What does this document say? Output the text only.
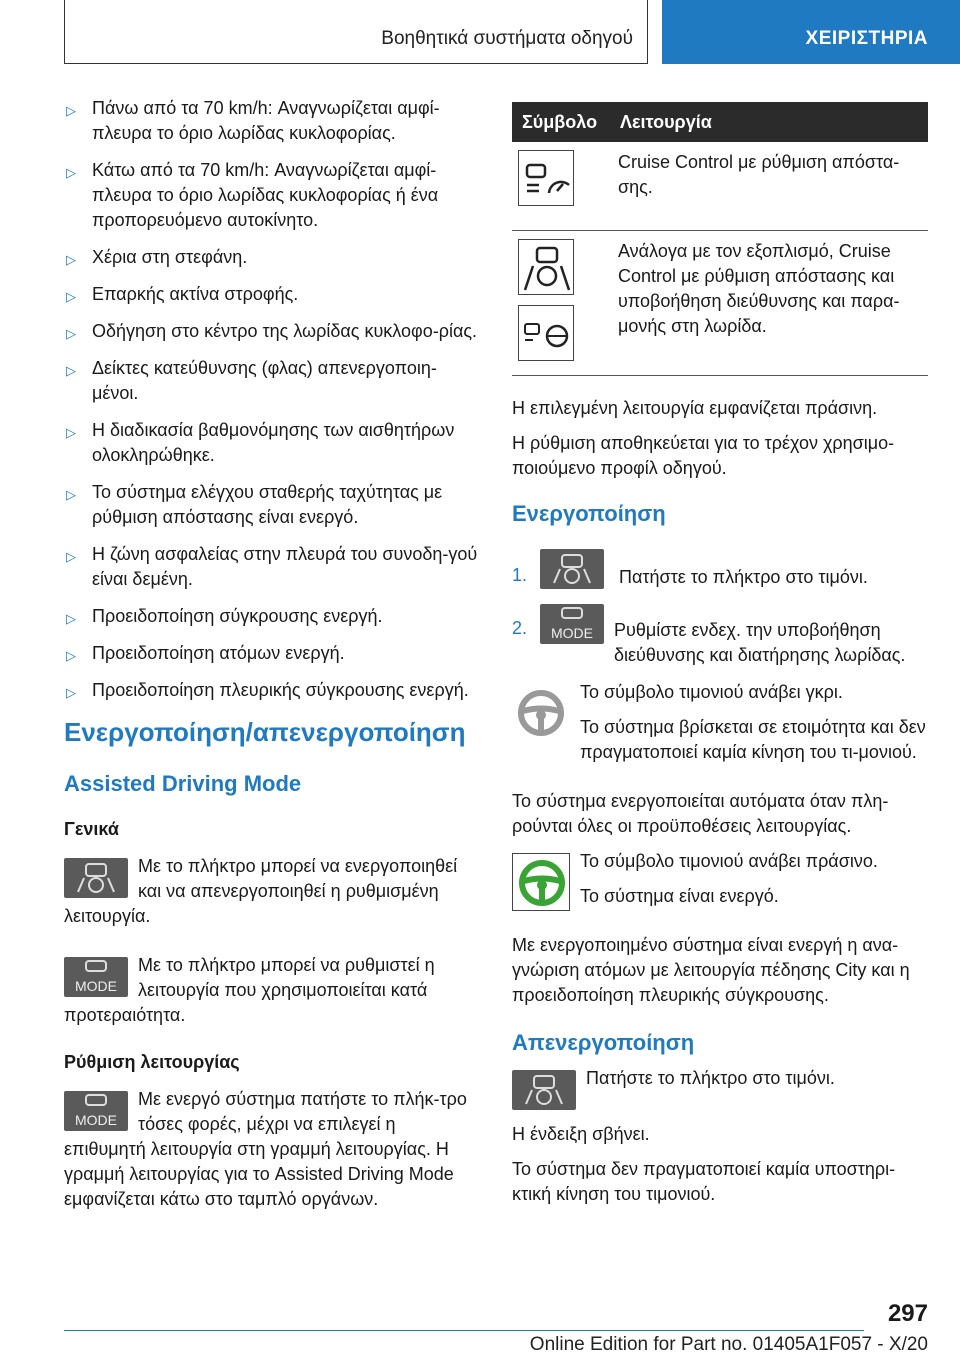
Βοηθητικά συστήματα οδηγού	ΧΕΙΡΙΣΤΗΡΙΑ
▷ Πάνω από τα 70 km/h: Αναγνωρίζεται αμφί-πλευρα το όριο λωρίδας κυκλοφορίας.
▷ Κάτω από τα 70 km/h: Αναγνωρίζεται αμφί-πλευρα το όριο λωρίδας κυκλοφορίας ή ένα προπορευόμενο αυτοκίνητο.
▷ Χέρια στη στεφάνη.
▷ Επαρκής ακτίνα στροφής.
▷ Οδήγηση στο κέντρο της λωρίδας κυκλοφο-ρίας.
▷ Δείκτες κατεύθυνσης (φλας) απενεργοποιη-μένοι.
▷ Η διαδικασία βαθμονόμησης των αισθητήρων ολοκληρώθηκε.
▷ Το σύστημα ελέγχου σταθερής ταχύτητας με ρύθμιση απόστασης είναι ενεργό.
▷ Η ζώνη ασφαλείας στην πλευρά του συνοδη-γού είναι δεμένη.
▷ Προειδοποίηση σύγκρουσης ενεργή.
▷ Προειδοποίηση ατόμων ενεργή.
▷ Προειδοποίηση πλευρικής σύγκρουσης ενεργή.
Ενεργοποίηση/απενεργοποίηση
Assisted Driving Mode
Γενικά
Με το πλήκτρο μπορεί να ενεργοποιηθεί και να απενεργοποιηθεί η ρυθμισμένη λειτουργία.
MODE
Με το πλήκτρο μπορεί να ρυθμιστεί η λειτουργία που χρησιμοποιείται κατά προτεραιότητα.
Ρύθμιση λειτουργίας
MODE
Με ενεργό σύστημα πατήστε το πλήκ-τρο τόσες φορές, μέχρι να επιλεγεί η επιθυμητή λειτουργία στη γραμμή λειτουργίας. Η γραμμή λειτουργίας για το Assisted Driving Mode εμφανίζεται κάτω στο ταμπλό οργάνων.
Σύμβολο	Λειτουργία

	Cruise Control με ρύθμιση απόστα-σης.

	Ανάλογα με τον εξοπλισμό, Cruise Control με ρύθμιση απόστασης και υποβοήθηση διεύθυνσης και παρα-μονής στη λωρίδα.
Η επιλεγμένη λειτουργία εμφανίζεται πράσινη.
Η ρύθμιση αποθηκεύεται για το τρέχον χρησιμο-ποιούμενο προφίλ οδηγού.
Ενεργοποίηση
1.	Πατήστε το πλήκτρο στο τιμόνι.
2. MODE	Ρυθμίστε ενδεχ. την υποβοήθηση διεύθυνσης και διατήρησης λωρίδας.
Το σύμβολο τιμονιού ανάβει γκρι.
Το σύστημα βρίσκεται σε ετοιμότητα και δεν πραγματοποιεί καμία κίνηση του τι-μονιού.
Το σύστημα ενεργοποιείται αυτόματα όταν πλη-ρούνται όλες οι προϋποθέσεις λειτουργίας.
Το σύμβολο τιμονιού ανάβει πράσινο.
Το σύστημα είναι ενεργό.
Με ενεργοποιημένο σύστημα είναι ενεργή η ανα-γνώριση ατόμων με λειτουργία πέδησης City και η προειδοποίηση πλευρικής σύγκρουσης.
Απενεργοποίηση
Πατήστε το πλήκτρο στο τιμόνι.
Η ένδειξη σβήνει.
Το σύστημα δεν πραγματοποιεί καμία υποστηρι-κτική κίνηση του τιμονιού.
297
Online Edition for Part no. 01405A1F057 - X/20
